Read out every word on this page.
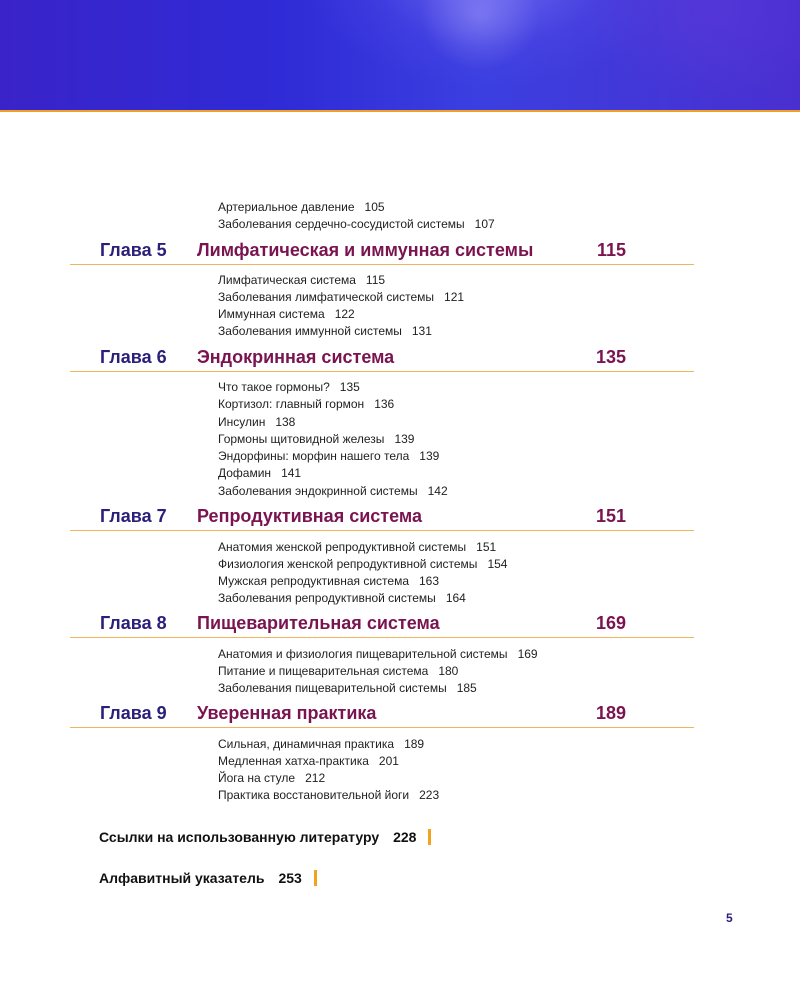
Артериальное давление 105
Заболевания сердечно-сосудистой системы 107
Глава 5 Лимфатическая и иммунная системы	115
Лимфатическая система 115
Заболевания лимфатической системы 121
Иммунная система 122
Заболевания иммунной системы 131
Глава 6 Эндокринная система	135
Что такое гормоны? 135
Кортизол: главный гормон 136
Инсулин 138
Гормоны щитовидной железы 139
Эндорфины: морфин нашего тела 139
Дофамин 141
Заболевания эндокринной системы 142
Глава 7 Репродуктивная система	151
Анатомия женской репродуктивной системы 151
Физиология женской репродуктивной системы 154
Мужская репродуктивная система 163
Заболевания репродуктивной системы 164
Глава 8 Пищеварительная система	169
Анатомия и физиология пищеварительной системы 169
Питание и пищеварительная система 180
Заболевания пищеварительной системы 185
Глава 9 Уверенная практика	189
Сильная, динамичная практика 189
Медленная хатха-практика 201
Йога на стуле 212
Практика восстановительной йоги 223
Ссылки на использованную литературу 228
Алфавитный указатель 253
5
